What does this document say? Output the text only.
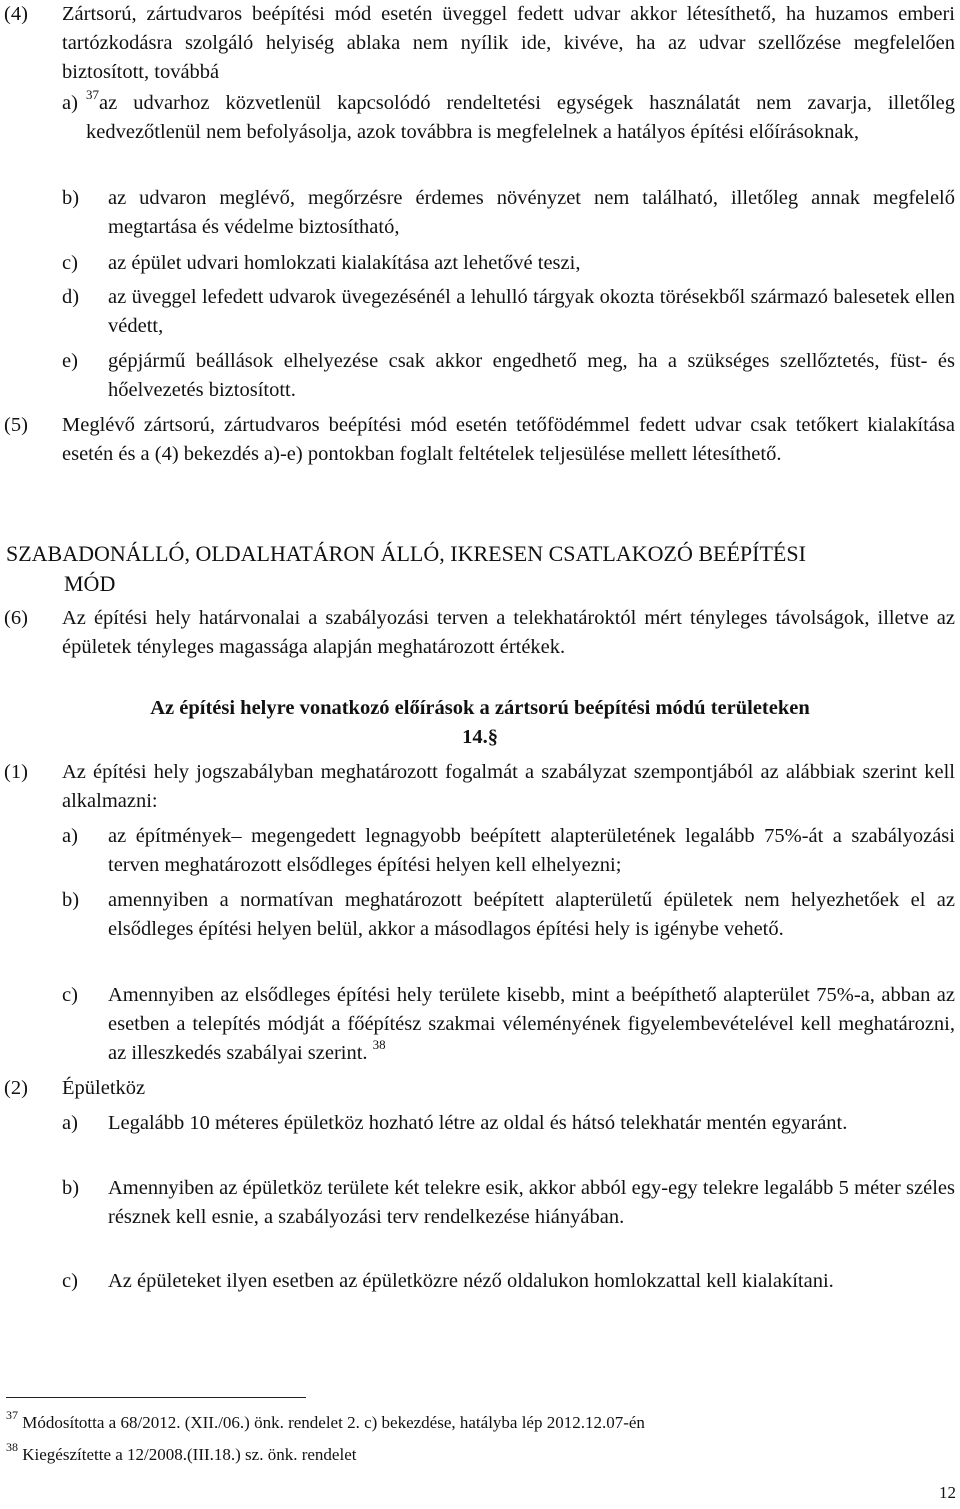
(4)	Zártsorú, zártudvaros beépítési mód esetén üveggel fedett udvar akkor létesíthető, ha huzamos emberi tartózkodásra szolgáló helyiség ablaka nem nyílik ide, kivéve, ha az udvar szellőzése megfelelően biztosított, továbbá
a) $^{37}$az udvarhoz közvetlenül kapcsolódó rendeltetési egységek használatát nem zavarja, illetőleg kedvezőtlenül nem befolyásolja, azok továbbra is megfelelnek a hatályos építési előírásoknak,
b)	az udvaron meglévő, megőrzésre érdemes növényzet nem található, illetőleg annak megfelelő megtartása és védelme biztosítható,
c)	az épület udvari homlokzati kialakítása azt lehetővé teszi,
d)	az üveggel lefedett udvarok üvegezésénél a lehulló tárgyak okozta törésekből származó balesetek ellen védett,
e)	gépjármű beállások elhelyezése csak akkor engedhető meg, ha a szükséges szellőztetés, füst- és hőelvezetés biztosított.
(5)	Meglévő zártsorú, zártudvaros beépítési mód esetén tetőfödémmel fedett udvar csak tetőkert kialakítása esetén és a (4) bekezdés a)-e) pontokban foglalt feltételek teljesülése mellett létesíthető.
SZABADONÁLLÓ, OLDALHATÁRON ÁLLÓ, IKRESEN CSATLAKOZÓ BEÉPÍTÉSI
MÓD
(6)	Az építési hely határvonalai a szabályozási terven a telekhatároktól mért tényleges távolságok, illetve az épületek tényleges magassága alapján meghatározott értékek.
Az építési helyre vonatkozó előírások a zártsorú beépítési módú területeken
14.§
(1)	Az építési hely jogszabályban meghatározott fogalmát a szabályzat szempontjából az alábbiak szerint kell alkalmazni:
a)	az építmények– megengedett legnagyobb beépített alapterületének legalább 75%-át a szabályozási terven meghatározott elsődleges építési helyen kell elhelyezni;
b)	amennyiben a normatívan meghatározott beépített alapterületű épületek nem helyezhetőek el az elsődleges építési helyen belül, akkor a másodlagos építési hely is igénybe vehető.
c)	Amennyiben az elsődleges építési hely területe kisebb, mint a beépíthető alapterület 75%-a, abban az esetben a telepítés módját a főépítész szakmai véleményének figyelembevételével kell meghatározni, az illeszkedés szabályai szerint. $^{38}$
(2)	Épületköz
a)	Legalább 10 méteres épületköz hozható létre az oldal és hátsó telekhatár mentén egyaránt.
b)	Amennyiben az épületköz területe két telekre esik, akkor abból egy-egy telekre legalább 5 méter széles résznek kell esnie, a szabályozási terv rendelkezése hiányában.
c)	Az épületeket ilyen esetben az épületközre néző oldalukon homlokzattal kell kialakítani.
$^{37}$ Módosította a 68/2012. (XII./06.) önk. rendelet 2. c) bekezdése, hatályba lép 2012.12.07-én
$^{38}$ Kiegészítette a 12/2008.(III.18.) sz. önk. rendelet
12
